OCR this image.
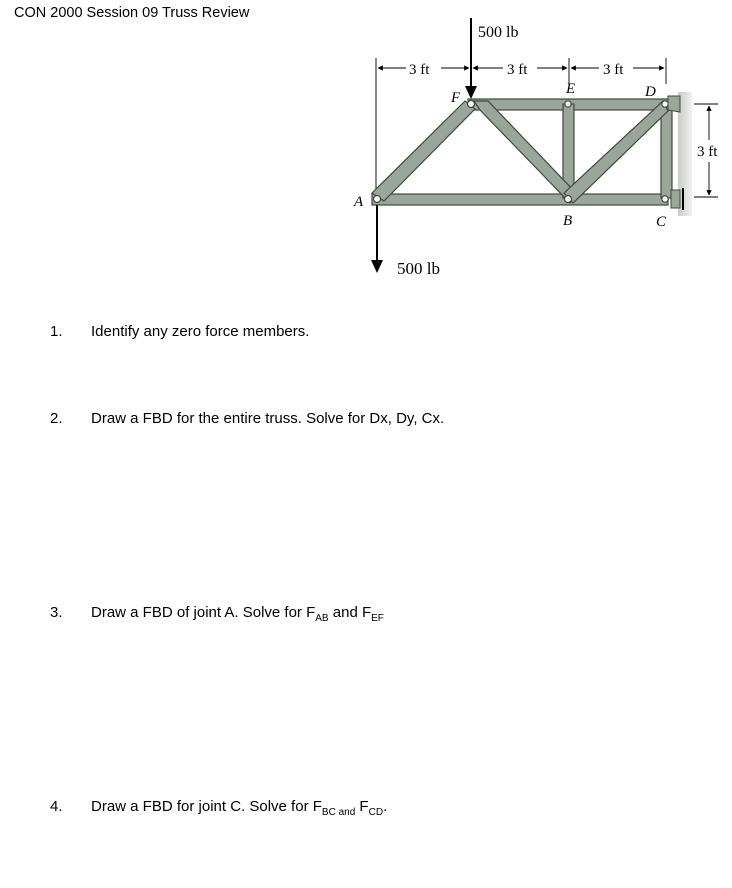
CON 2000 Session 09 Truss Review
500 lb
500 lb
3 ft	3 ft	3 ft
3 ft
A
F
E	D
B	C
1. Identify any zero force members.
2. Draw a FBD for the entire truss. Solve for Dx, Dy, Cx.
3. Draw a FBD of joint A. Solve for $F_{AB}$ and $F_{EF}$
4. Draw a FBD for joint C. Solve for $F_{BC and}$ $F_{CD}$.
